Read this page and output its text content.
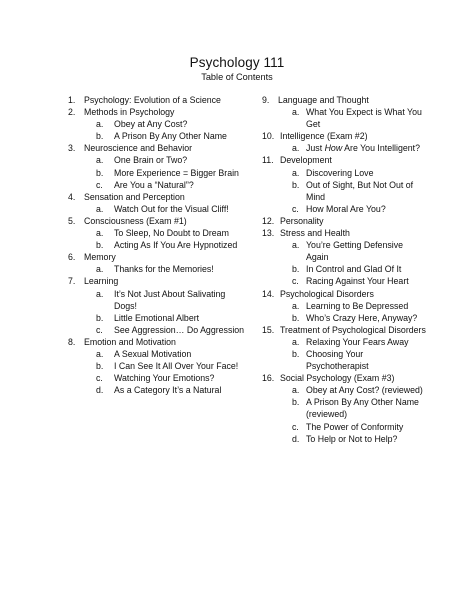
Psychology 111
Table of Contents
1. Psychology: Evolution of a Science
2. Methods in Psychology
a. Obey at Any Cost?
b. A Prison By Any Other Name
3. Neuroscience and Behavior
a. One Brain or Two?
b. More Experience = Bigger Brain
c. Are You a “Natural”?
4. Sensation and Perception
a. Watch Out for the Visual Cliff!
5. Consciousness (Exam #1)
a. To Sleep, No Doubt to Dream
b. Acting As If You Are Hypnotized
6. Memory
a. Thanks for the Memories!
7. Learning
a. It’s Not Just About Salivating Dogs!
b. Little Emotional Albert
c. See Aggression… Do Aggression
8. Emotion and Motivation
a. A Sexual Motivation
b. I Can See It All Over Your Face!
c. Watching Your Emotions?
d. As a Category It’s a Natural
9. Language and Thought
a. What You Expect is What You Get
10. Intelligence (Exam #2)
a. Just How Are You Intelligent?
11. Development
a. Discovering Love
b. Out of Sight, But Not Out of Mind
c. How Moral Are You?
12. Personality
13. Stress and Health
a. You’re Getting Defensive Again
b. In Control and Glad Of It
c. Racing Against Your Heart
14. Psychological Disorders
a. Learning to Be Depressed
b. Who’s Crazy Here, Anyway?
15. Treatment of Psychological Disorders
a. Relaxing Your Fears Away
b. Choosing Your Psychotherapist
16. Social Psychology (Exam #3)
a. Obey at Any Cost? (reviewed)
b. A Prison By Any Other Name (reviewed)
c. The Power of Conformity
d. To Help or Not to Help?
